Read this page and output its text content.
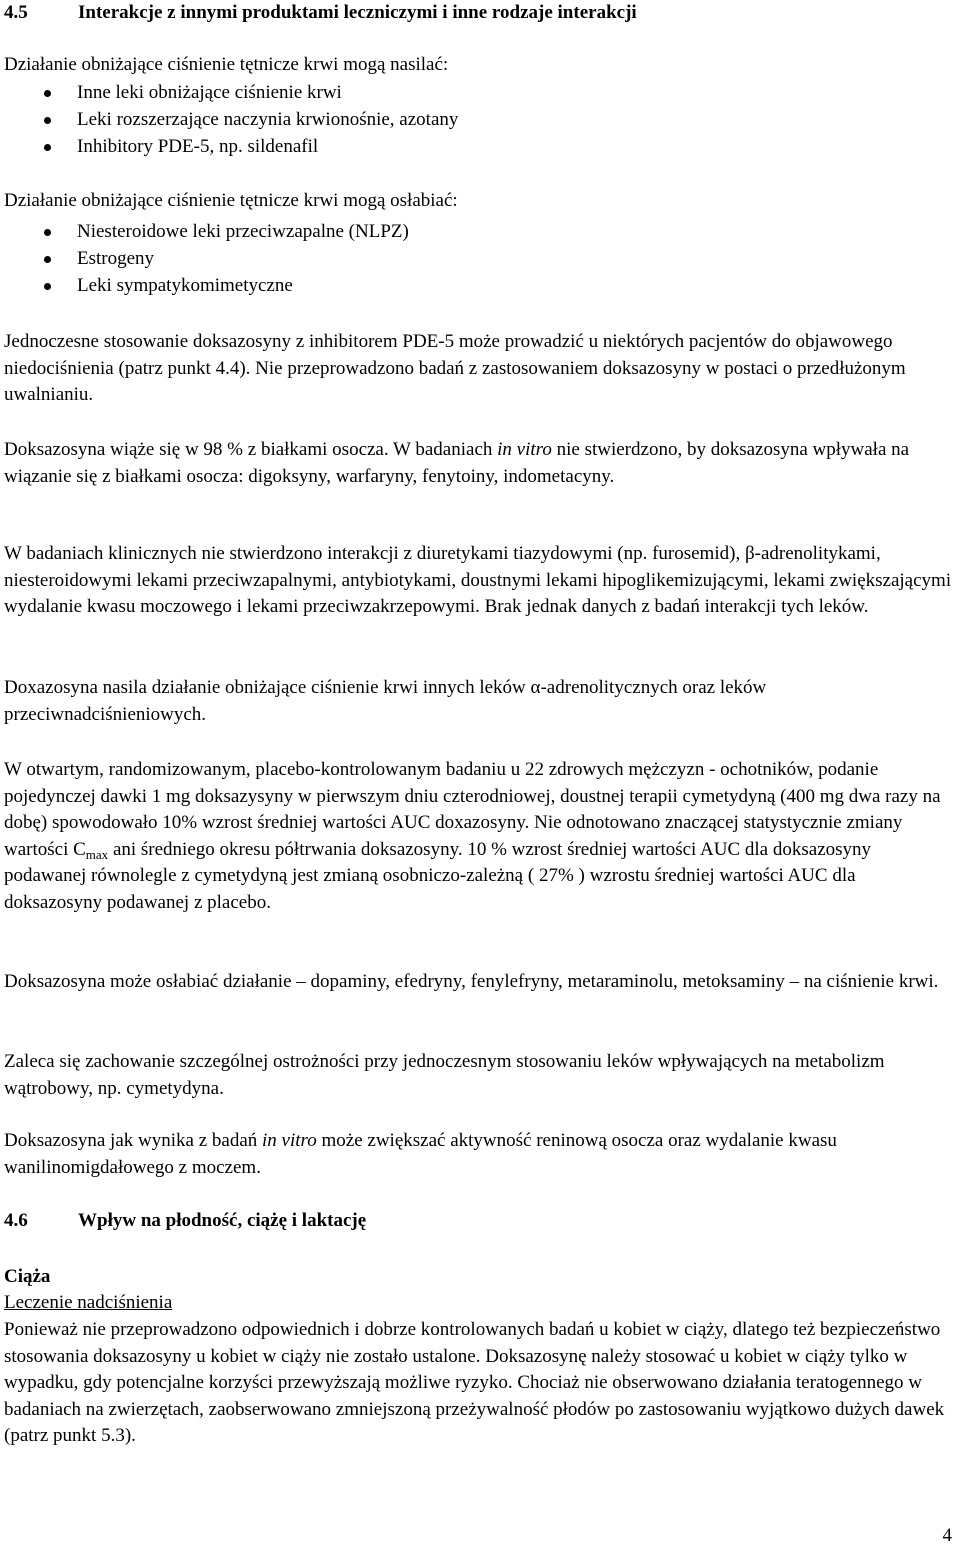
4.5	Interakcje z innymi produktami leczniczymi i inne rodzaje interakcji

Działanie obniżające ciśnienie tętnicze krwi mogą nasilać:

Inne leki obniżające ciśnienie krwi
Leki rozszerzające naczynia krwionośnie, azotany
Inhibitory PDE-5, np. sildenafil

Działanie obniżające ciśnienie tętnicze krwi mogą osłabiać:

Niesteroidowe leki przeciwzapalne (NLPZ)
Estrogeny
Leki sympatykomimetyczne

Jednoczesne stosowanie doksazosyny z inhibitorem PDE-5 może prowadzić u niektórych pacjentów do objawowego niedociśnienia (patrz punkt 4.4). Nie przeprowadzono badań z zastosowaniem doksazosyny w postaci o przedłużonym uwalnianiu.

Doksazosyna wiąże się w 98 % z białkami osocza. W badaniach in vitro nie stwierdzono, by doksazosyna wpływała na wiązanie się z białkami osocza: digoksyny, warfaryny, fenytoiny, indometacyny.

W badaniach klinicznych nie stwierdzono interakcji z diuretykami tiazydowymi (np. furosemid), β-adrenolitykami, niesteroidowymi lekami przeciwzapalnymi, antybiotykami, doustnymi lekami hipoglikemizującymi, lekami zwiększającymi wydalanie kwasu moczowego i lekami przeciwzakrzepowymi. Brak jednak danych z badań interakcji tych leków.

Doxazosyna nasila działanie obniżające ciśnienie krwi innych leków α-adrenolitycznych oraz leków przeciwnadciśnieniowych.

W otwartym, randomizowanym, placebo-kontrolowanym badaniu u 22 zdrowych mężczyzn - ochotników, podanie pojedynczej dawki 1 mg doksazysyny w pierwszym dniu czterodniowej, doustnej terapii cymetydyną (400 mg dwa razy na dobę) spowodowało 10% wzrost średniej wartości AUC doxazosyny. Nie odnotowano znaczącej statystycznie zmiany wartości $C_{max}$ ani średniego okresu półtrwania doksazosyny. 10 % wzrost średniej wartości AUC dla doksazosyny podawanej równolegle z cymetydyną jest zmianą osobniczo-zależną ( 27% ) wzrostu średniej wartości AUC dla doksazosyny podawanej z placebo.

Doksazosyna może osłabiać działanie – dopaminy, efedryny, fenylefryny, metaraminolu, metoksaminy – na ciśnienie krwi.

Zaleca się zachowanie szczególnej ostrożności przy jednoczesnym stosowaniu leków wpływających na metabolizm wątrobowy, np. cymetydyna.

Doksazosyna jak wynika z badań in vitro może zwiększać aktywność reninową osocza oraz wydalanie kwasu wanilinomigdałowego z moczem.

4.6	Wpływ na płodność, ciążę i laktację

Ciąża

Leczenie nadciśnienia

Ponieważ nie przeprowadzono odpowiednich i dobrze kontrolowanych badań u kobiet w ciąży, dlatego też bezpieczeństwo stosowania doksazosyny u kobiet w ciąży nie zostało ustalone. Doksazosynę należy stosować u kobiet w ciąży tylko w wypadku, gdy potencjalne korzyści przewyższają możliwe ryzyko. Chociaż nie obserwowano działania teratogennego w badaniach na zwierzętach, zaobserwowano zmniejszoną przeżywalność płodów po zastosowaniu wyjątkowo dużych dawek (patrz punkt 5.3).

4
